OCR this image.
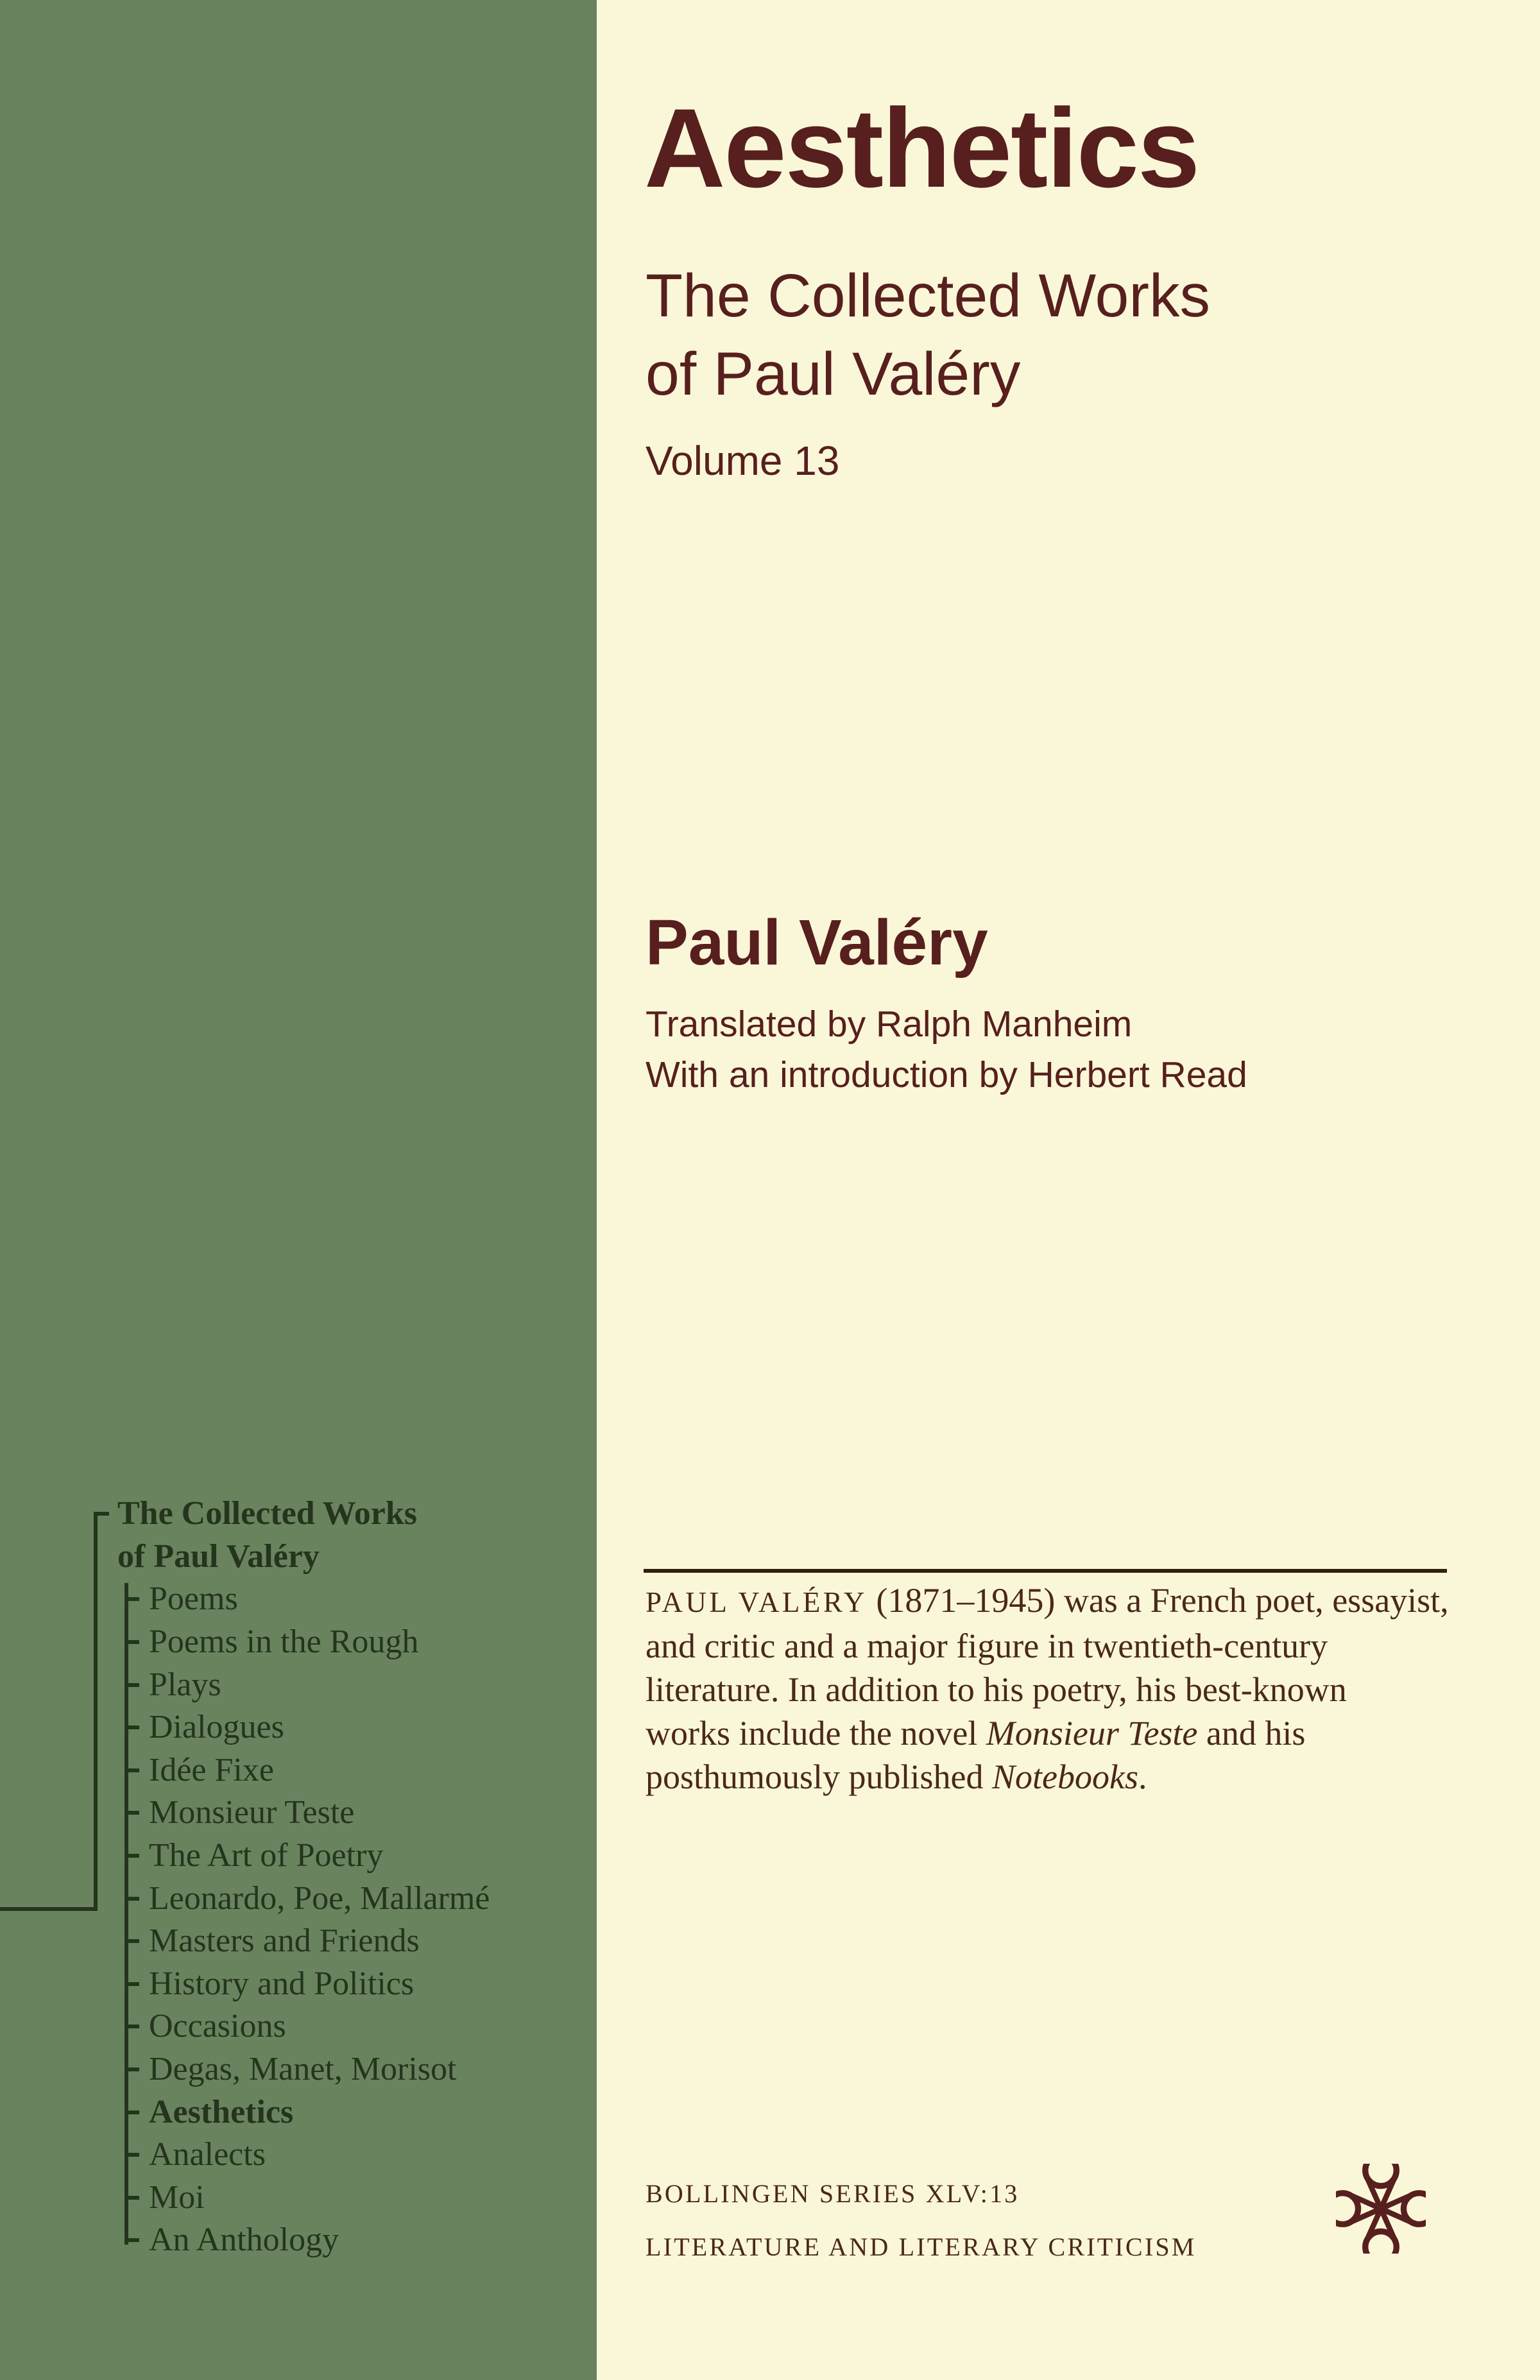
Aesthetics
The Collected Works
of Paul Valéry
Volume 13
Paul Valéry
Translated by Ralph Manheim
With an introduction by Herbert Read
The Collected Works
of Paul Valéry
Poems
Poems in the Rough
Plays
Dialogues
Idée Fixe
Monsieur Teste
The Art of Poetry
Leonardo, Poe, Mallarmé
Masters and Friends
History and Politics
Occasions
Degas, Manet, Morisot
Aesthetics
Analects
Moi
An Anthology
PAUL VALÉRY (1871–1945) was a French poet, essayist,
and critic and a major figure in twentieth-century
literature. In addition to his poetry, his best-known
works include the novel Monsieur Teste and his
posthumously published Notebooks.
BOLLINGEN SERIES XLV:13
LITERATURE AND LITERARY CRITICISM
